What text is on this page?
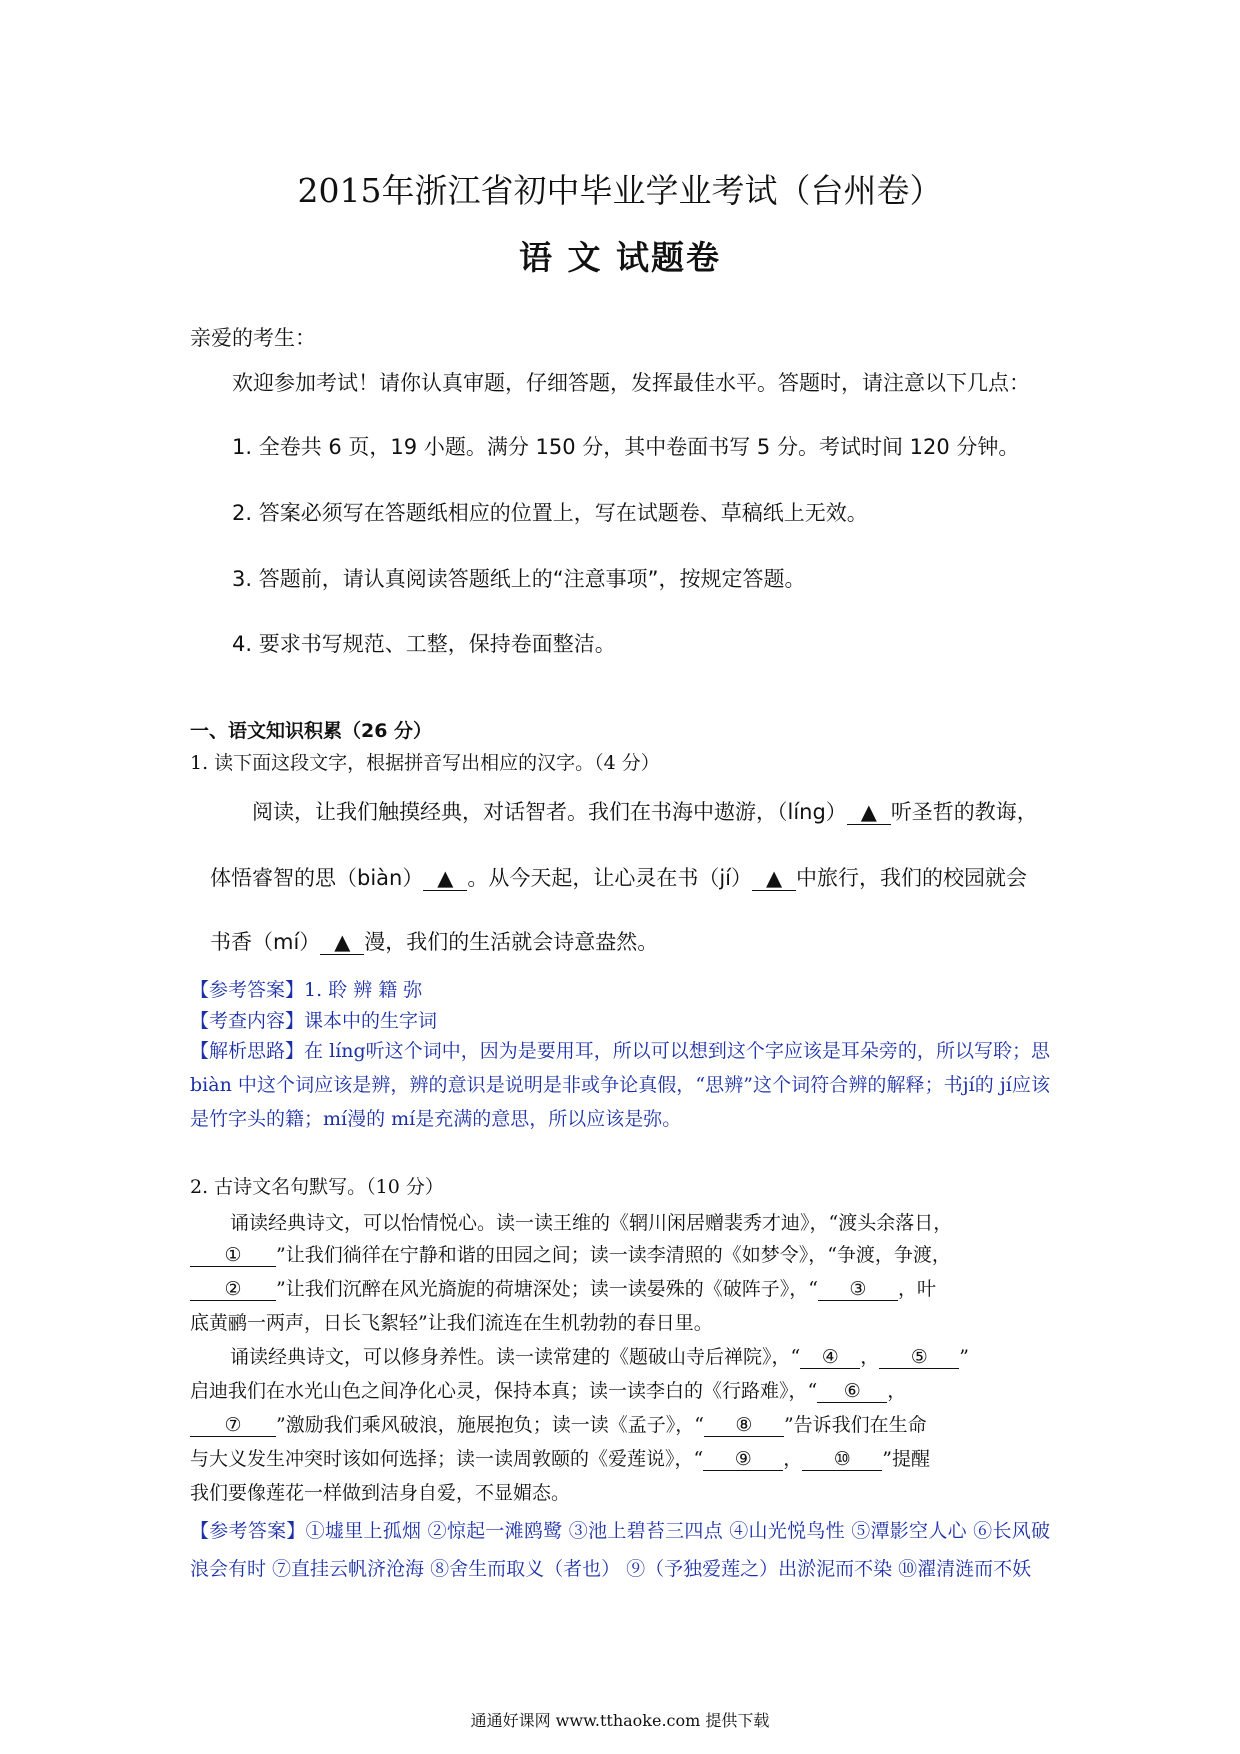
2015年浙江省初中毕业学业考试（台州卷）
语 文 试题卷
亲爱的考生：
欢迎参加考试！请你认真审题，仔细答题，发挥最佳水平。答题时，请注意以下几点：
1. 全卷共 6 页，19 小题。满分 150 分，其中卷面书写 5 分。考试时间 120 分钟。
2. 答案必须写在答题纸相应的位置上，写在试题卷、草稿纸上无效。
3. 答题前，请认真阅读答题纸上的“注意事项”，按规定答题。
4. 要求书写规范、工整，保持卷面整洁。
一、语文知识积累（26 分）
1. 读下面这段文字，根据拼音写出相应的汉字。（4 分）
阅读，让我们触摸经典，对话智者。我们在书海中遨游，（líng） ▲ 听圣哲的教诲，
体悟睿智的思（biàn） ▲ 。从今天起，让心灵在书（jí） ▲ 中旅行，我们的校园就会
书香（mí） ▲ 漫，我们的生活就会诗意盎然。
【参考答案】1. 聆 辨 籍 弥
【考查内容】课本中的生字词
【解析思路】在 líng听这个词中，因为是要用耳，所以可以想到这个字应该是耳朵旁的，所以写聆；思 biàn 中这个词应该是辨，辨的意识是说明是非或争论真假，“思辨”这个词符合辨的解释；书jí的 jí应该是竹字头的籍；mí漫的 mí是充满的意思，所以应该是弥。
2. 古诗文名句默写。（10 分）
诵读经典诗文，可以怡情悦心。读一读王维的《辋川闲居赠裴秀才迪》，“渡头余落日，
① ”让我们徜徉在宁静和谐的田园之间；读一读李清照的《如梦令》，“争渡，争渡，
② ”让我们沉醉在风光旖旎的荷塘深处；读一读晏殊的《破阵子》，“ ③ ，叶
底黄鹂一两声，日长飞絮轻”让我们流连在生机勃勃的春日里。
诵读经典诗文，可以修身养性。读一读常建的《题破山寺后禅院》，“ ④ ， ⑤ ”
启迪我们在水光山色之间净化心灵，保持本真；读一读李白的《行路难》，“ ⑥ ，
⑦ ”激励我们乘风破浪，施展抱负；读一读《孟子》，“ ⑧ ”告诉我们在生命
与大义发生冲突时该如何选择；读一读周敦颐的《爱莲说》，“ ⑨ ， ⑩ ”提醒
我们要像莲花一样做到洁身自爱，不显媚态。
【参考答案】①墟里上孤烟 ②惊起一滩鸥鹭 ③池上碧苔三四点 ④山光悦鸟性 ⑤潭影空人心 ⑥长风破浪会有时 ⑦直挂云帆济沧海 ⑧舍生而取义（者也） ⑨（予独爱莲之）出淤泥而不染 ⑩濯清涟而不妖
通通好课网 www.tthaoke.com 提供下载
